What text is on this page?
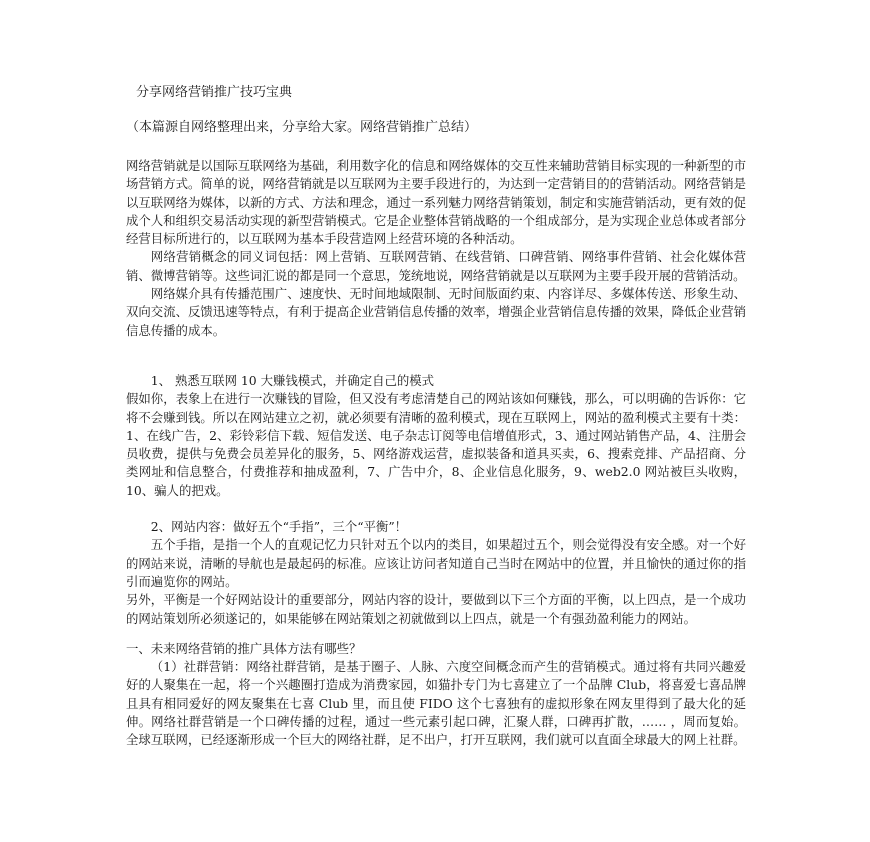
分享网络营销推广技巧宝典
（本篇源自网络整理出来，分享给大家。网络营销推广总结）

网络营销就是以国际互联网络为基础，利用数字化的信息和网络媒体的交互性来辅助营销目标实现的一种新型的市场营销方式。简单的说，网络营销就是以互联网为主要手段进行的，为达到一定营销目的的营销活动。网络营销是以互联网络为媒体，以新的方式、方法和理念，通过一系列魅力网络营销策划，制定和实施营销活动，更有效的促成个人和组织交易活动实现的新型营销模式。它是企业整体营销战略的一个组成部分，是为实现企业总体或者部分经营目标所进行的，以互联网为基本手段营造网上经营环境的各种活动。

网络营销概念的同义词包括：网上营销、互联网营销、在线营销、口碑营销、网络事件营销、社会化媒体营销、微博营销等。这些词汇说的都是同一个意思，笼统地说，网络营销就是以互联网为主要手段开展的营销活动。

网络媒介具有传播范围广、速度快、无时间地域限制、无时间版面约束、内容详尽、多媒体传送、形象生动、双向交流、反馈迅速等特点，有利于提高企业营销信息传播的效率，增强企业营销信息传播的效果，降低企业营销信息传播的成本。

1、 熟悉互联网 10 大赚钱模式，并确定自己的模式

假如你，表象上在进行一次赚钱的冒险，但又没有考虑清楚自己的网站该如何赚钱，那么，可以明确的告诉你：它将不会赚到钱。所以在网站建立之初，就必须要有清晰的盈利模式，现在互联网上，网站的盈利模式主要有十类：1、在线广告，2、彩铃彩信下载、短信发送、电子杂志订阅等电信增值形式，3、通过网站销售产品，4、注册会员收费，提供与免费会员差异化的服务，5、网络游戏运营，虚拟装备和道具买卖，6、搜索竞排、产品招商、分类网址和信息整合，付费推荐和抽成盈利，7、广告中介，8、企业信息化服务，9、web2.0 网站被巨头收购，10、骗人的把戏。

2、网站内容：做好五个“手指”，三个“平衡”！

五个手指，是指一个人的直观记忆力只针对五个以内的类目，如果超过五个，则会觉得没有安全感。对一个好的网站来说，清晰的导航也是最起码的标准。应该让访问者知道自己当时在网站中的位置，并且愉快的通过你的指引而遍览你的网站。

另外，平衡是一个好网站设计的重要部分，网站内容的设计，要做到以下三个方面的平衡，以上四点，是一个成功的网站策划所必须遂记的，如果能够在网站策划之初就做到以上四点，就是一个有强劲盈利能力的网站。

一、未来网络营销的推广具体方法有哪些？

（1）社群营销：网络社群营销，是基于圈子、人脉、六度空间概念而产生的营销模式。通过将有共同兴趣爱好的人聚集在一起，将一个兴趣圈打造成为消费家园，如猫扑专门为七喜建立了一个品牌 Club，将喜爱七喜品牌且具有相同爱好的网友聚集在七喜 Club 里，而且使 FIDO 这个七喜独有的虚拟形象在网友里得到了最大化的延伸。网络社群营销是一个口碑传播的过程，通过一些元素引起口碑，汇聚人群，口碑再扩散，…… ，周而复始。全球互联网，已经逐渐形成一个巨大的网络社群，足不出户，打开互联网，我们就可以直面全球最大的网上社群。
